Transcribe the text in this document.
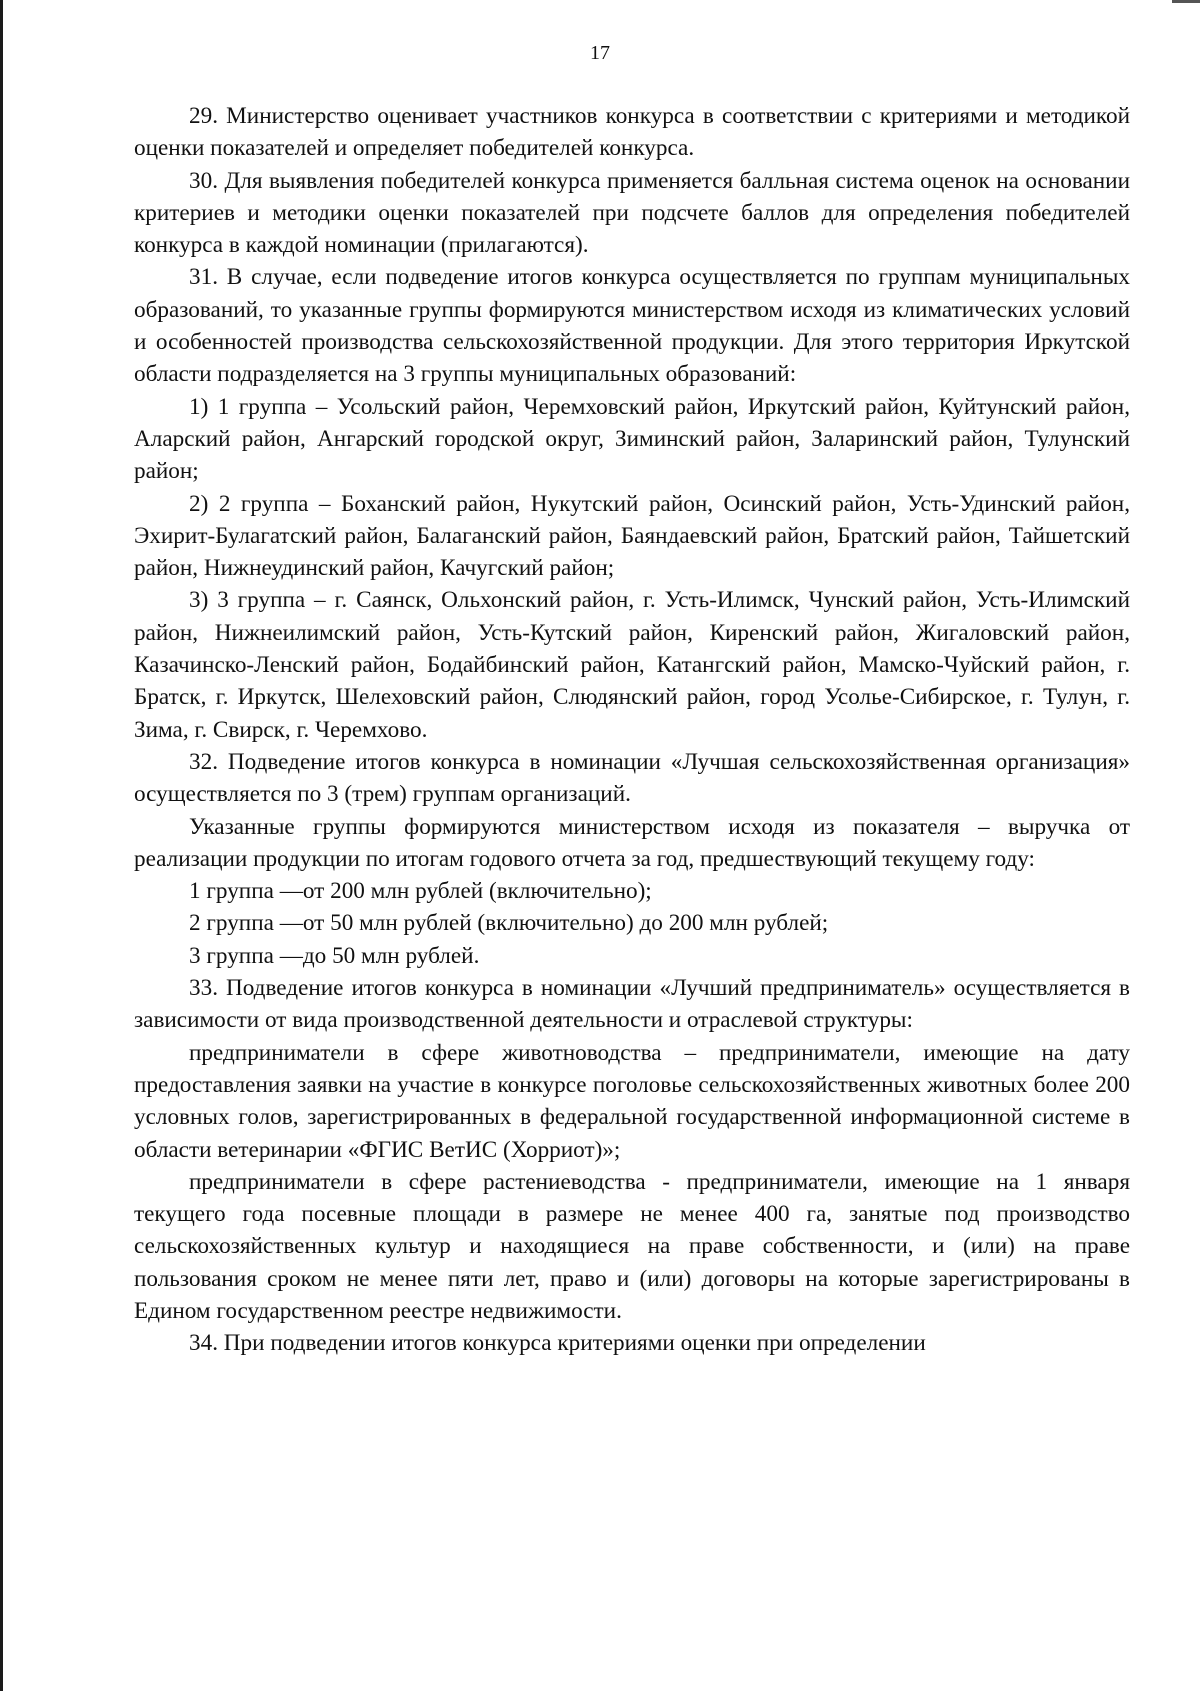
17

29. Министерство оценивает участников конкурса в соответствии с критериями и методикой оценки показателей и определяет победителей конкурса.

30. Для выявления победителей конкурса применяется балльная система оценок на основании критериев и методики оценки показателей при подсчете баллов для определения победителей конкурса в каждой номинации (прилагаются).

31. В случае, если подведение итогов конкурса осуществляется по группам муниципальных образований, то указанные группы формируются министерством исходя из климатических условий и особенностей производства сельскохозяйственной продукции. Для этого территория Иркутской области подразделяется на 3 группы муниципальных образований:

1) 1 группа – Усольский район, Черемховский район, Иркутский район, Куйтунский район, Аларский район, Ангарский городской округ, Зиминский район, Заларинский район, Тулунский район;

2) 2 группа – Боханский район, Нукутский район, Осинский район, Усть-Удинский район, Эхирит-Булагатский район, Балаганский район, Баяндаевский район, Братский район, Тайшетский район, Нижнеудинский район, Качугский район;

3) 3 группа – г. Саянск, Ольхонский район, г. Усть-Илимск, Чунский район, Усть-Илимский район, Нижнеилимский район, Усть-Кутский район, Киренский район, Жигаловский район, Казачинско-Ленский район, Бодайбинский район, Катангский район, Мамско-Чуйский район, г. Братск, г. Иркутск, Шелеховский район, Слюдянский район, город Усолье-Сибирское, г. Тулун, г. Зима, г. Свирск, г. Черемхово.

32. Подведение итогов конкурса в номинации «Лучшая сельскохозяйственная организация» осуществляется по 3 (трем) группам организаций.

Указанные группы формируются министерством исходя из показателя – выручка от реализации продукции по итогам годового отчета за год, предшествующий текущему году:

1 группа —от 200 млн рублей (включительно);

2 группа —от 50 млн рублей (включительно) до 200 млн рублей;

3 группа —до 50 млн рублей.

33. Подведение итогов конкурса в номинации «Лучший предприниматель» осуществляется в зависимости от вида производственной деятельности и отраслевой структуры:

предприниматели в сфере животноводства – предприниматели, имеющие на дату предоставления заявки на участие в конкурсе поголовье сельскохозяйственных животных более 200 условных голов, зарегистрированных в федеральной государственной информационной системе в области ветеринарии «ФГИС ВетИС (Хорриот)»;

предприниматели в сфере растениеводства - предприниматели, имеющие на 1 января текущего года посевные площади в размере не менее 400 га, занятые под производство сельскохозяйственных культур и находящиеся на праве собственности, и (или) на праве пользования сроком не менее пяти лет, право и (или) договоры на которые зарегистрированы в Едином государственном реестре недвижимости.

34. При подведении итогов конкурса критериями оценки при определении
